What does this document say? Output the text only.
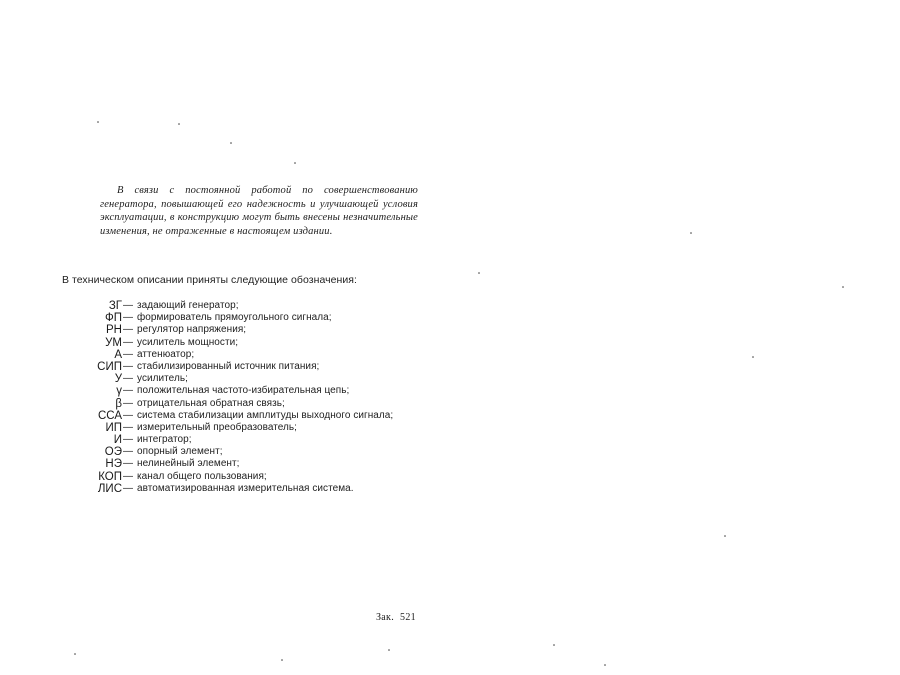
В связи с постоянной работой по совершенствованию генератора, повышающей его надежность и улучшающей условия эксплуатации, в конструкцию могут быть внесены незначительные изменения, не отраженные в настоящем издании.

В техническом описании приняты следующие обозначения:
ЗГ — задающий генератор;
ФП — формирователь прямоугольного сигнала;
РН — регулятор напряжения;
УМ — усилитель мощности;
А — аттенюатор;
СИП — стабилизированный источник питания;
У — усилитель;
γ — положительная частото-избирательная цепь;
β — отрицательная обратная связь;
ССА — система стабилизации амплитуды выходного сигнала;
ИП — измерительный преобразователь;
И — интегратор;
ОЭ — опорный элемент;
НЭ — нелинейный элемент;
КОП — канал общего пользования;
ЛИС — автоматизированная измерительная система.
Зак. 521
